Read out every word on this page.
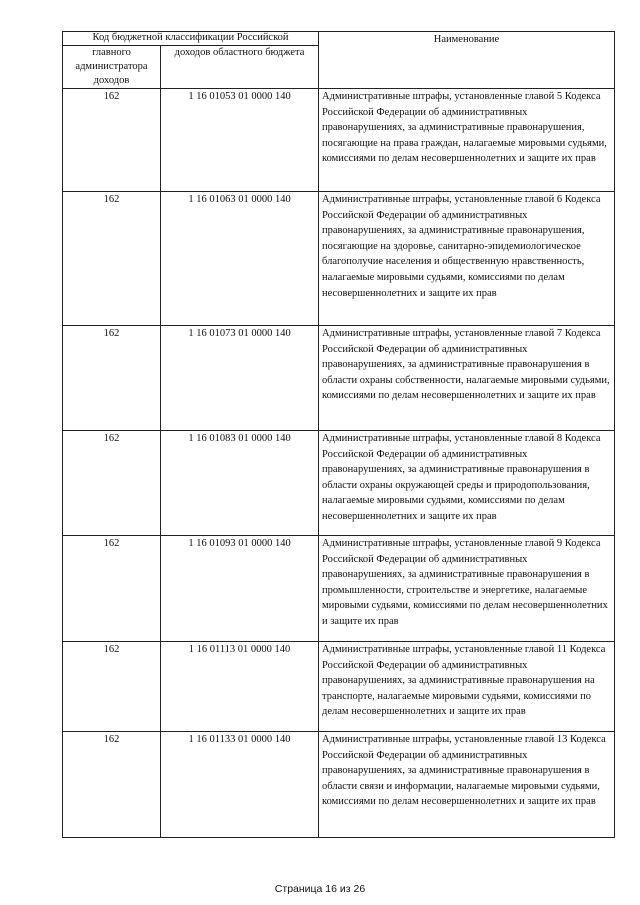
Код бюджетной классификации Российской		Наименование
главного администратора доходов	доходов областного бюджета	
162	1 16 01053 01 0000 140	Административные штрафы, установленные главой 5 Кодекса Российской Федерации об административных правонарушениях, за административные правонарушения, посягающие на права граждан, налагаемые мировыми судьями, комиссиями по делам несовершеннолетних и защите их прав
162	1 16 01063 01 0000 140	Административные штрафы, установленные главой 6 Кодекса Российской Федерации об административных правонарушениях, за административные правонарушения, посягающие на здоровье, санитарно-эпидемиологическое благополучие населения и общественную нравственность, налагаемые мировыми судьями, комиссиями по делам несовершеннолетних и защите их прав
162	1 16 01073 01 0000 140	Административные штрафы, установленные главой 7 Кодекса Российской Федерации об административных правонарушениях, за административные правонарушения в области охраны собственности, налагаемые мировыми судьями, комиссиями по делам несовершеннолетних и защите их прав
162	1 16 01083 01 0000 140	Административные штрафы, установленные главой 8 Кодекса Российской Федерации об административных правонарушениях, за административные правонарушения в области охраны окружающей среды и природопользования, налагаемые мировыми судьями, комиссиями по делам несовершеннолетних и защите их прав
162	1 16 01093 01 0000 140	Административные штрафы, установленные главой 9 Кодекса Российской Федерации об административных правонарушениях, за административные правонарушения в промышленности, строительстве и энергетике, налагаемые мировыми судьями, комиссиями по делам несовершеннолетних и защите их прав
162	1 16 01113 01 0000 140	Административные штрафы, установленные главой 11 Кодекса Российской Федерации об административных правонарушениях, за административные правонарушения на транспорте, налагаемые мировыми судьями, комиссиями по делам несовершеннолетних и защите их прав
162	1 16 01133 01 0000 140	Административные штрафы, установленные главой 13 Кодекса Российской Федерации об административных правонарушениях, за административные правонарушения в области связи и информации, налагаемые мировыми судьями, комиссиями по делам несовершеннолетних и защите их прав
Страница 16 из 26
